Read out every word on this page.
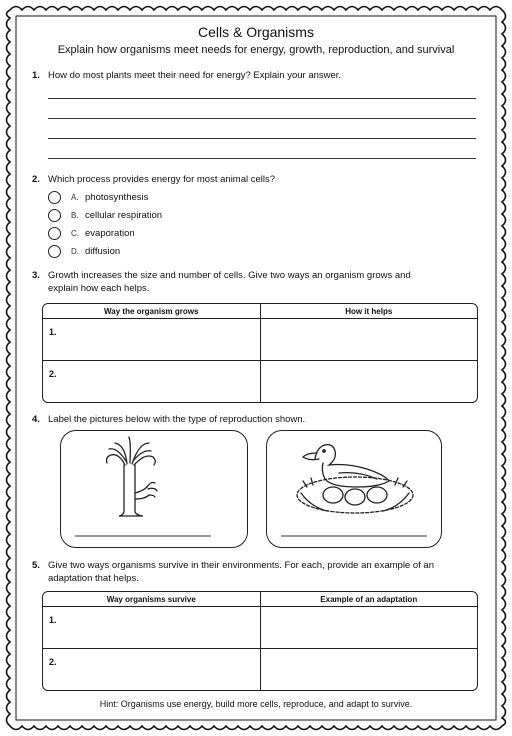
Cells & Organisms
Explain how organisms meet needs for energy, growth, reproduction, and survival
1. How do most plants meet their need for energy? Explain your answer.
2. Which process provides energy for most animal cells?
A. photosynthesis
B. cellular respiration
C. evaporation
D. diffusion
3. Growth increases the size and number of cells. Give two ways an organism grows and
explain how each helps.
Way the organism grows	How it helps
1.
2.
4. Label the pictures below with the type of reproduction shown.
5. Give two ways organisms survive in their environments. For each, provide an example of an
adaptation that helps.
Way organisms survive	Example of an adaptation
1.
2.
Hint: Organisms use energy, build more cells, reproduce, and adapt to survive.
